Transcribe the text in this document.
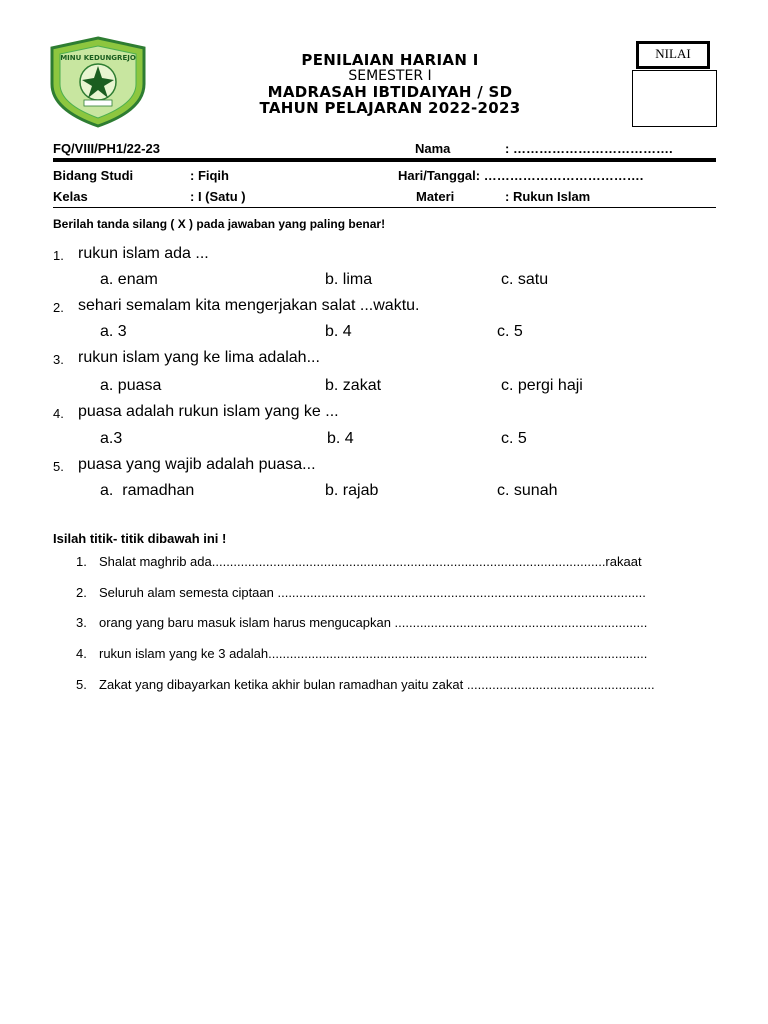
MINU KEDUNGREJO	PENILAIAN HARIAN I
SEMESTER I
MADRASAH IBTIDAIYAH / SD
TAHUN PELAJARAN 2022-2023
NILAI
FQ/VIII/PH1/22-23	Nama	: ……………………………….
Bidang Studi	: Fiqih	Hari/Tanggal: ……………………………….
Kelas	: I (Satu )	Materi	: Rukun Islam
Berilah tanda silang ( X ) pada jawaban yang paling benar!
1. rukun islam ada ...
a. enam	b. lima	c. satu
2. sehari semalam kita mengerjakan salat ...waktu.
a. 3	b. 4	c. 5
3. rukun islam yang ke lima adalah...
a. puasa	b. zakat	c. pergi haji
4. puasa adalah rukun islam yang ke ...
a.3	b. 4	c. 5
5. puasa yang wajib adalah puasa...
a.  ramadhan	b. rajab	c. sunah
Isilah titik- titik dibawah ini !
1. Shalat maghrib ada.............................................................................................................rakaat
2. Seluruh alam semesta ciptaan ......................................................................................................
3. orang yang baru masuk islam harus mengucapkan ......................................................................
4. rukun islam yang ke 3 adalah.........................................................................................................
5. Zakat yang dibayarkan ketika akhir bulan ramadhan yaitu zakat ....................................................
